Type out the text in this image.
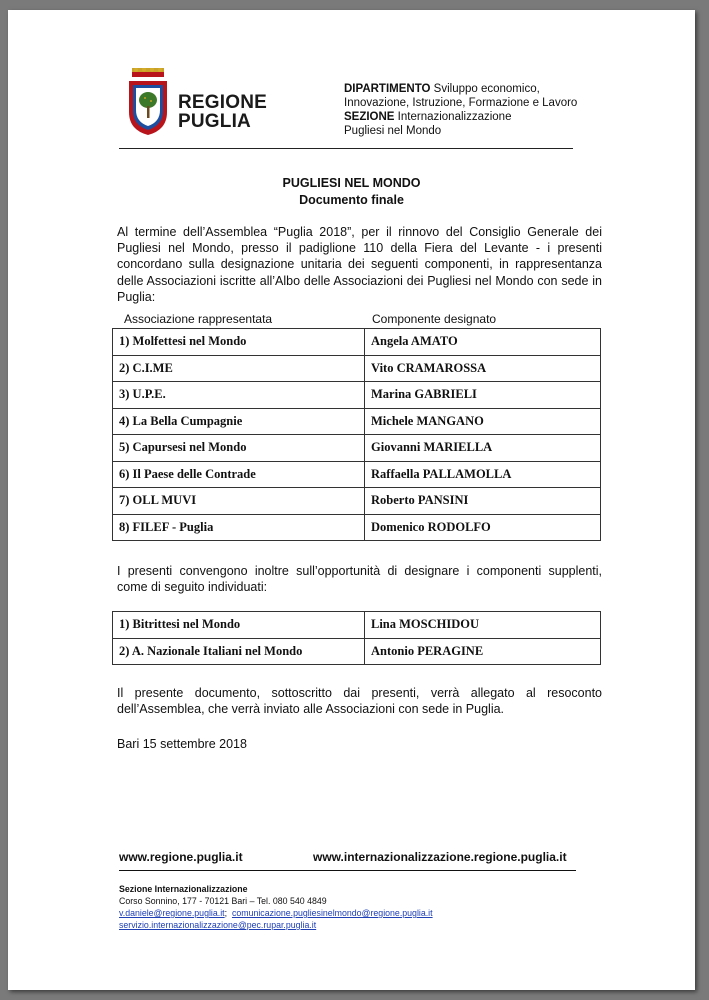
REGIONE
PUGLIA
DIPARTIMENTO Sviluppo economico,
Innovazione, Istruzione, Formazione e Lavoro
SEZIONE Internazionalizzazione
Pugliesi nel Mondo
PUGLIESI NEL MONDO
Documento finale
Al termine dell’Assemblea “Puglia 2018”, per il rinnovo del Consiglio Generale dei Pugliesi nel Mondo, presso il padiglione 110 della Fiera del Levante - i presenti concordano sulla designazione unitaria dei seguenti componenti, in rappresentanza delle Associazioni iscritte all’Albo delle Associazioni dei Pugliesi nel Mondo con sede in Puglia:
Associazione rappresentata	Componente designato
1) Molfettesi nel Mondo	Angela AMATO
2) C.I.ME	Vito CRAMAROSSA
3) U.P.E.	Marina GABRIELI
4) La Bella Cumpagnie	Michele MANGANO
5) Capursesi nel Mondo	Giovanni MARIELLA
6) Il Paese delle Contrade	Raffaella PALLAMOLLA
7) OLL MUVI	Roberto PANSINI
8) FILEF - Puglia	Domenico RODOLFO
I presenti convengono inoltre sull’opportunità di designare i componenti supplenti, come di seguito individuati:
1) Bitrittesi nel Mondo	Lina MOSCHIDOU
2) A. Nazionale Italiani nel Mondo	Antonio PERAGINE
Il presente documento, sottoscritto dai presenti, verrà allegato al resoconto dell’Assemblea, che verrà inviato alle Associazioni con sede in Puglia.
Bari 15 settembre 2018
www.regione.puglia.it	www.internazionalizzazione.regione.puglia.it
Sezione Internazionalizzazione
Corso Sonnino, 177 - 70121 Bari – Tel. 080 540 4849
v.daniele@regione.puglia.it;  comunicazione.pugliesinelmondo@regione.puglia.it
servizio.internazionalizzazione@pec.rupar.puglia.it
